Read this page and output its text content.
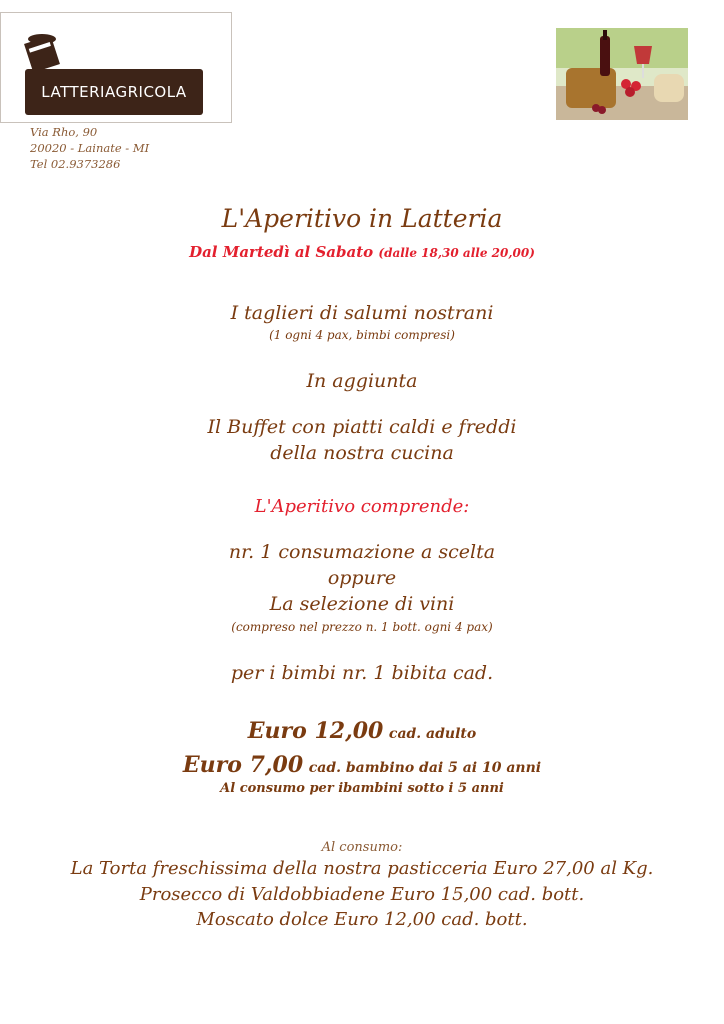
LATTERIAGRICOLA
Via Rho, 90
20020 - Lainate - MI
Tel 02.9373286
L'Aperitivo in Latteria
Dal Martedì al Sabato (dalle 18,30 alle 20,00)
I taglieri di salumi nostrani
(1 ogni 4 pax, bimbi compresi)
In aggiunta
Il Buffet con piatti caldi e freddi
della nostra cucina
L'Aperitivo comprende:
nr. 1 consumazione a scelta
oppure
La selezione di vini
(compreso nel prezzo n. 1 bott. ogni 4 pax)
per i bimbi nr. 1 bibita cad.
Euro 12,00 cad. adulto
Euro 7,00 cad. bambino dai 5 ai 10 anni
Al consumo per ibambini sotto i 5 anni
Al consumo:
La Torta freschissima della nostra pasticceria Euro 27,00 al Kg.
Prosecco di Valdobbiadene Euro 15,00 cad. bott.
Moscato dolce Euro 12,00 cad. bott.
